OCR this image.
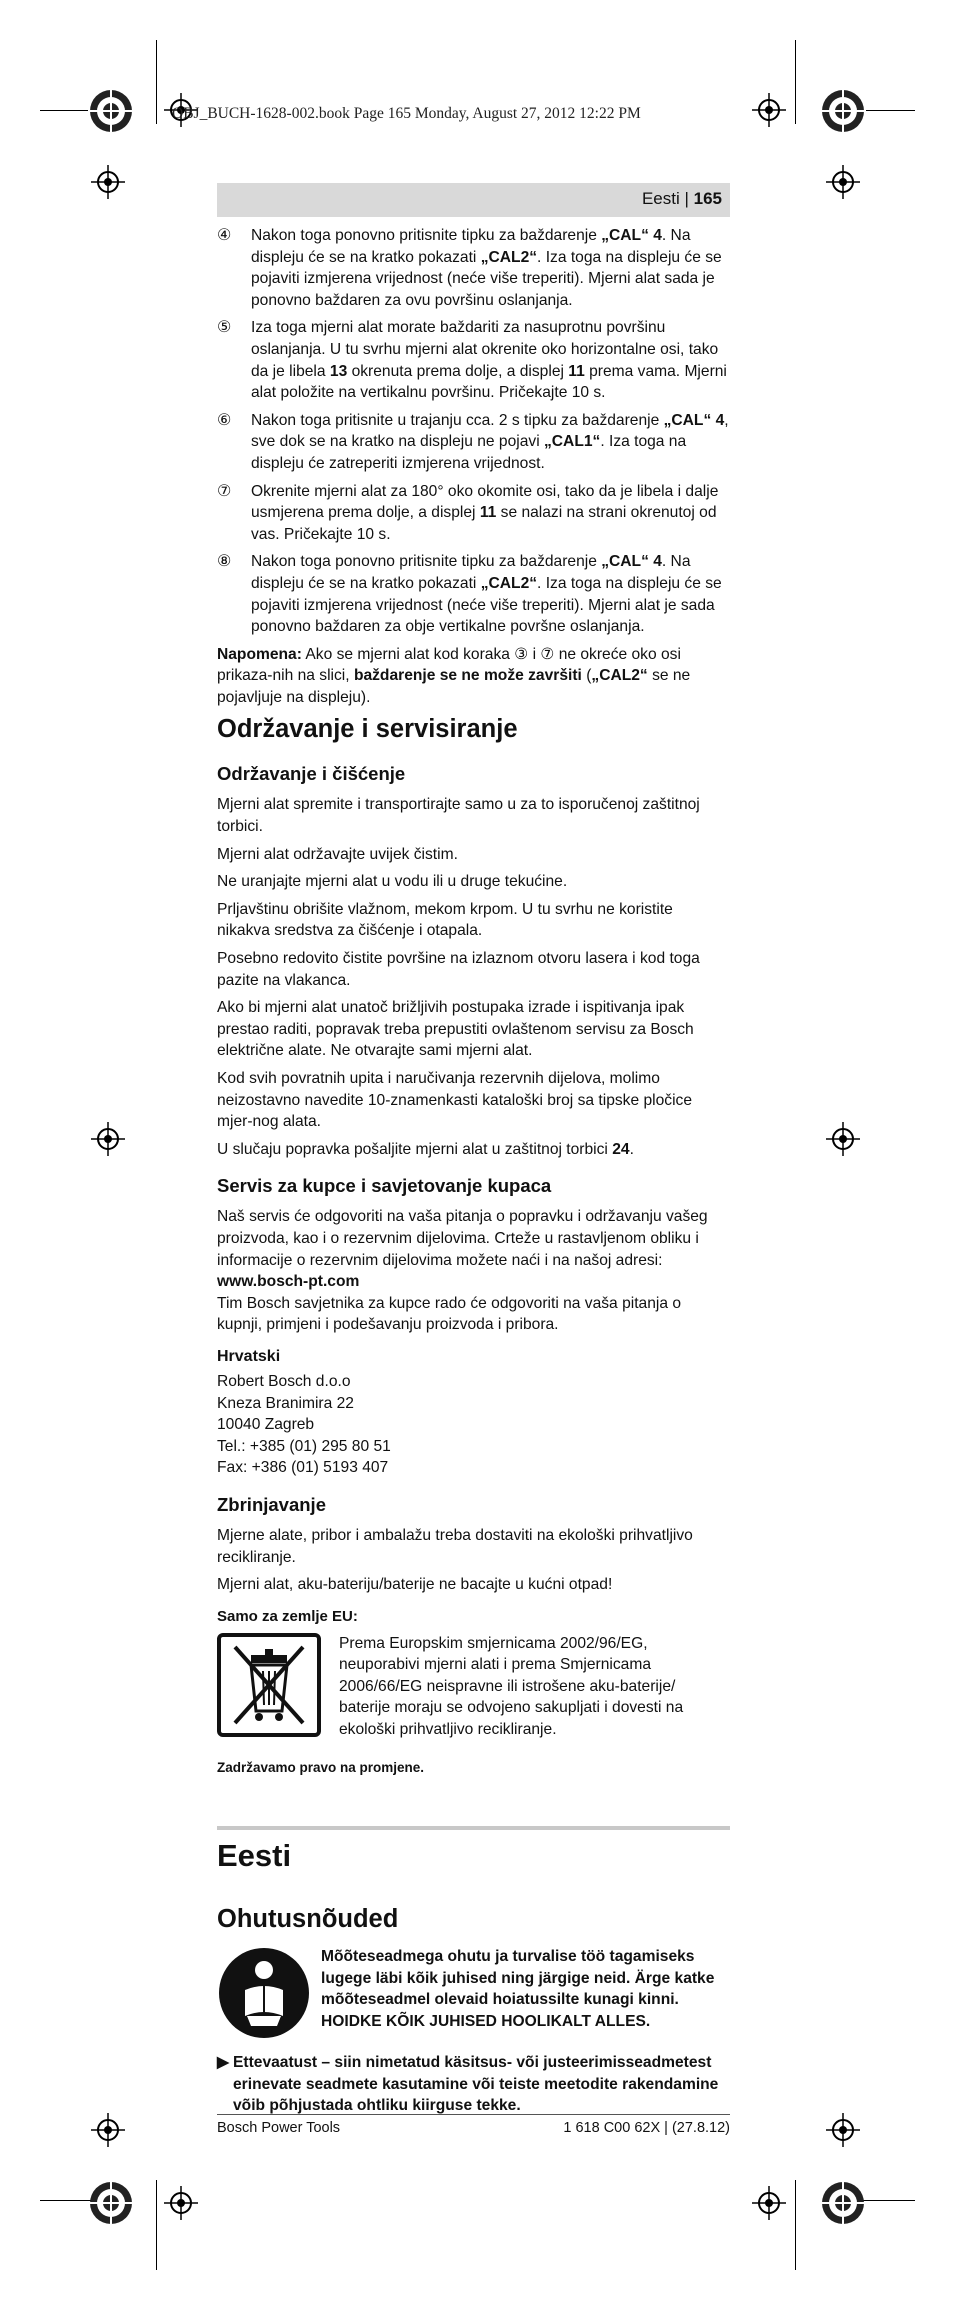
OBJ_BUCH-1628-002.book Page 165 Monday, August 27, 2012 12:22 PM
Eesti | 165
④	Nakon toga ponovno pritisnite tipku za baždarenje „CAL“ 4. Na displeju će se na kratko pokazati „CAL2“. Iza toga na displeju će se pojaviti izmjerena vrijednost (neće više treperiti). Mjerni alat sada je ponovno baždaren za ovu površinu oslanjanja.
⑤	Iza toga mjerni alat morate baždariti za nasuprotnu površinu oslanjanja. U tu svrhu mjerni alat okrenite oko horizontalne osi, tako da je libela 13 okrenuta prema dolje, a displej 11 prema vama. Mjerni alat položite na vertikalnu površinu. Pričekajte 10 s.
⑥	Nakon toga pritisnite u trajanju cca. 2 s tipku za baždarenje „CAL“ 4, sve dok se na kratko na displeju ne pojavi „CAL1“. Iza toga na displeju će zatreperiti izmjerena vrijednost.
⑦	Okrenite mjerni alat za 180° oko okomite osi, tako da je libela i dalje usmjerena prema dolje, a displej 11 se nalazi na strani okrenutoj od vas. Pričekajte 10 s.
⑧	Nakon toga ponovno pritisnite tipku za baždarenje „CAL“ 4. Na displeju će se na kratko pokazati „CAL2“. Iza toga na displeju će se pojaviti izmjerena vrijednost (neće više treperiti). Mjerni alat je sada ponovno baždaren za obje vertikalne površne oslanjanja.

Napomena: Ako se mjerni alat kod koraka ③ i ⑦ ne okreće oko osi prikaza-nih na slici, baždarenje se ne može završiti („CAL2“ se ne pojavljuje na displeju).

Održavanje i servisiranje
Održavanje i čišćenje

Mjerni alat spremite i transportirajte samo u za to isporučenoj zaštitnoj torbici.

Mjerni alat održavajte uvijek čistim.

Ne uranjajte mjerni alat u vodu ili u druge tekućine.

Prljavštinu obrišite vlažnom, mekom krpom. U tu svrhu ne koristite nikakva sredstva za čišćenje i otapala.

Posebno redovito čistite površine na izlaznom otvoru lasera i kod toga pazite na vlakanca.

Ako bi mjerni alat unatoč brižljivih postupaka izrade i ispitivanja ipak prestao raditi, popravak treba prepustiti ovlaštenom servisu za Bosch električne alate. Ne otvarajte sami mjerni alat.

Kod svih povratnih upita i naručivanja rezervnih dijelova, molimo neizostavno navedite 10-znamenkasti kataloški broj sa tipske pločice mjer-nog alata.

U slučaju popravka pošaljite mjerni alat u zaštitnoj torbici 24.

Servis za kupce i savjetovanje kupaca

Naš servis će odgovoriti na vaša pitanja o popravku i održavanju vašeg proizvoda, kao i o rezervnim dijelovima. Crteže u rastavljenom obliku i informacije o rezervnim dijelovima možete naći i na našoj adresi:
www.bosch-pt.com
Tim Bosch savjetnika za kupce rado će odgovoriti na vaša pitanja o kupnji, primjeni i podešavanju proizvoda i pribora.

Hrvatski

Robert Bosch d.o.o

Kneza Branimira 22

10040 Zagreb

Tel.: +385 (01) 295 80 51

Fax: +386 (01) 5193 407

Zbrinjavanje

Mjerne alate, pribor i ambalažu treba dostaviti na ekološki prihvatljivo recikliranje.

Mjerni alat, aku-bateriju/baterije ne bacajte u kućni otpad!

Samo za zemlje EU:
Prema Europskim smjernicama 2002/96/EG, neuporabivi mjerni alati i prema Smjernicama 2006/66/EG neispravne ili istrošene aku-baterije/ baterije moraju se odvojeno sakupljati i dovesti na ekološki prihvatljivo recikliranje.
Zadržavamo pravo na promjene.
Eesti
Ohutusnõuded
Mõõteseadmega ohutu ja turvalise töö tagamiseks lugege läbi kõik juhised ning järgige neid. Ärge katke mõõteseadmel olevaid hoiatussilte kunagi kinni. HOIDKE KÕIK JUHISED HOOLIKALT ALLES.
▶ Ettevaatust – siin nimetatud käsitsus- või justeerimisseadmetest erinevate seadmete kasutamine või teiste meetodite rakendamine võib põhjustada ohtliku kiirguse tekke.
Bosch Power Tools	1 618 C00 62X | (27.8.12)
